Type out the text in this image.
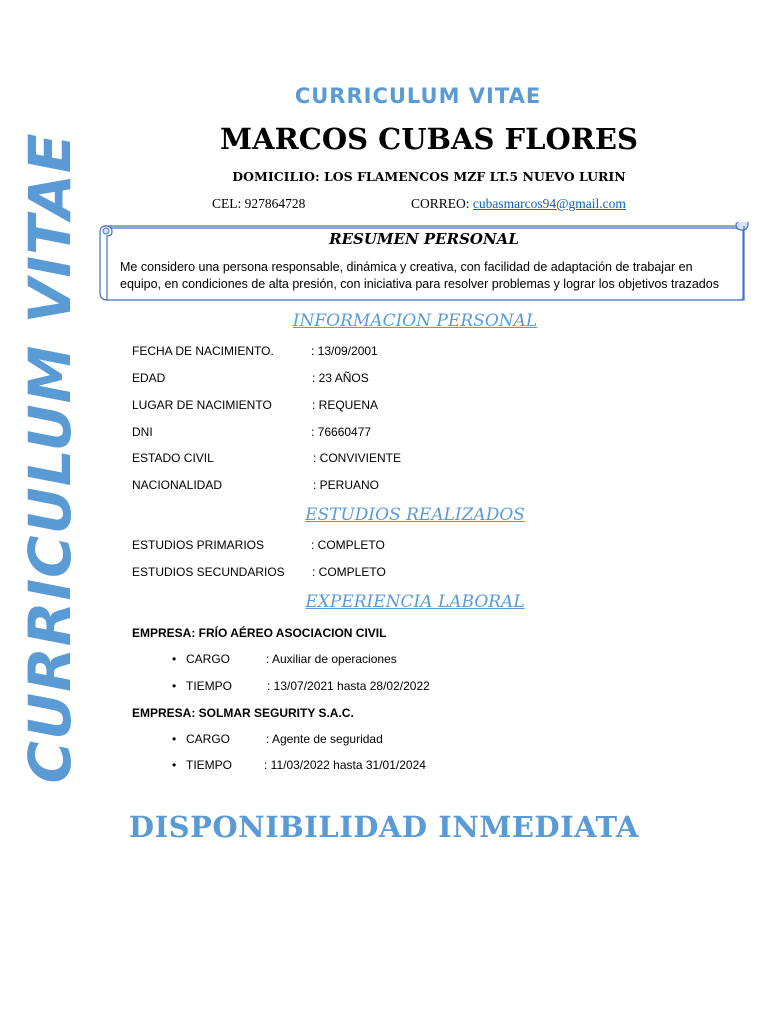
CURRICULUM VITAE
CURRICULUM VITAE
MARCOS CUBAS FLORES
DOMICILIO: LOS FLAMENCOS MZF LT.5 NUEVO LURIN
CEL: 927864728	CORREO: cubasmarcos94@gmail.com
RESUMEN PERSONAL
Me considero una persona responsable, dinámica y creativa, con facilidad de adaptación de trabajar en equipo, en condiciones de alta presión, con iniciativa para resolver problemas y lograr los objetivos trazados
INFORMACION PERSONAL
FECHA DE NACIMIENTO.	: 13/09/2001
EDAD	: 23 AÑOS
LUGAR DE NACIMIENTO	: REQUENA
DNI	: 76660477
ESTADO CIVIL	: CONVIVIENTE
NACIONALIDAD	: PERUANO
ESTUDIOS REALIZADOS
ESTUDIOS PRIMARIOS	: COMPLETO
ESTUDIOS SECUNDARIOS : COMPLETO
EXPERIENCIA LABORAL
EMPRESA: FRÍO AÉREO ASOCIACION CIVIL
• CARGO	: Auxiliar de operaciones
• TIEMPO	: 13/07/2021 hasta 28/02/2022
EMPRESA: SOLMAR SEGURITY S.A.C.
• CARGO	: Agente de seguridad
• TIEMPO	: 11/03/2022 hasta 31/01/2024
DISPONIBILIDAD INMEDIATA
